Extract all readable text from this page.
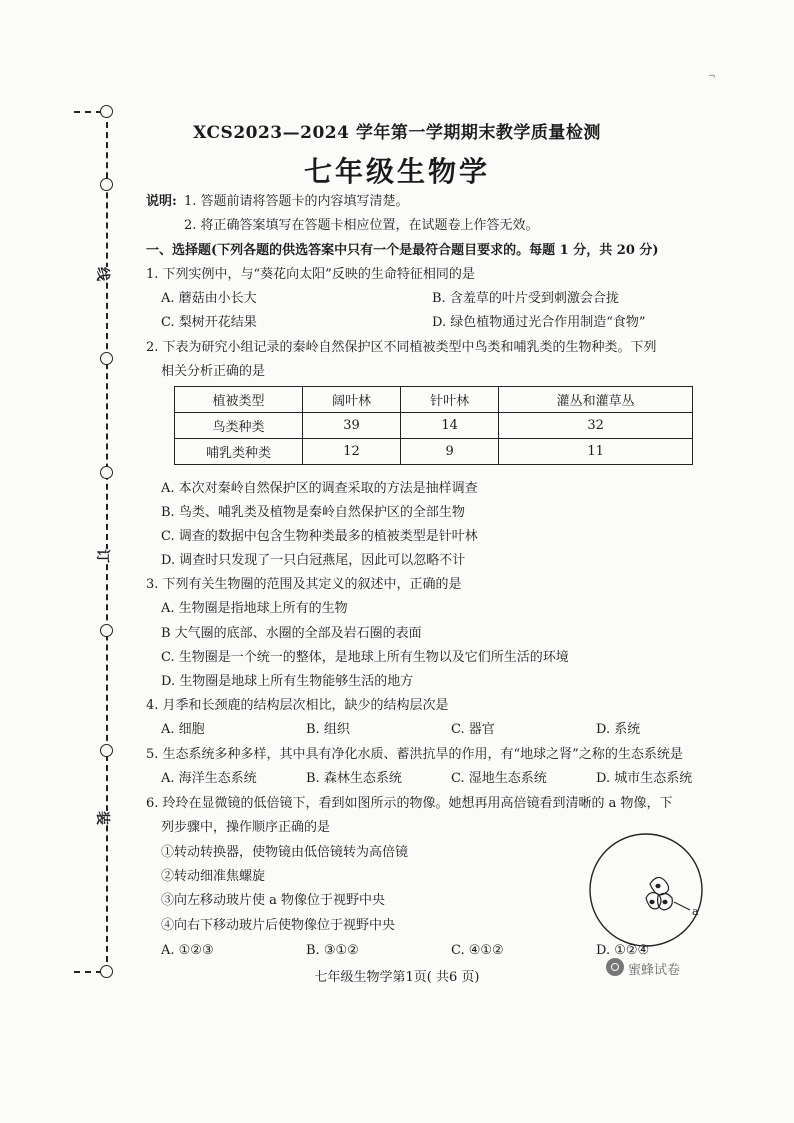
线
订
装
¬
XCS2023—2024 学年第一学期期末教学质量检测
七年级生物学
说明: 1. 答题前请将答题卡的内容填写清楚。
2. 将正确答案填写在答题卡相应位置，在试题卷上作答无效。
一、选择题(下列各题的供选答案中只有一个是最符合题目要求的。每题 1 分，共 20 分)
1. 下列实例中，与“葵花向太阳”反映的生命特征相同的是
A. 蘑菇由小长大	B. 含羞草的叶片受到刺激会合拢
C. 梨树开花结果	D. 绿色植物通过光合作用制造“食物”
2. 下表为研究小组记录的秦岭自然保护区不同植被类型中鸟类和哺乳类的生物种类。下列
相关分析正确的是
植被类型	阔叶林	针叶林	灌丛和灌草丛
鸟类种类	39	14	32
哺乳类种类	12	9	11
A. 本次对秦岭自然保护区的调查采取的方法是抽样调查
B. 鸟类、哺乳类及植物是秦岭自然保护区的全部生物
C. 调查的数据中包含生物种类最多的植被类型是针叶林
D. 调查时只发现了一只白冠燕尾，因此可以忽略不计
3. 下列有关生物圈的范围及其定义的叙述中，正确的是
A. 生物圈是指地球上所有的生物
B 大气圈的底部、水圈的全部及岩石圈的表面
C. 生物圈是一个统一的整体，是地球上所有生物以及它们所生活的环境
D. 生物圈是地球上所有生物能够生活的地方
4. 月季和长颈鹿的结构层次相比，缺少的结构层次是
A. 细胞	B. 组织	C. 器官	D. 系统
5. 生态系统多种多样，其中具有净化水质、蓄洪抗旱的作用，有“地球之肾”之称的生态系统是
A. 海洋生态系统	B. 森林生态系统	C. 湿地生态系统	D. 城市生态系统
6. 玲玲在显微镜的低倍镜下，看到如图所示的物像。她想再用高倍镜看到清晰的 a 物像，下
列步骤中，操作顺序正确的是
①转动转换器，使物镜由低倍镜转为高倍镜
②转动细准焦螺旋
③向左移动玻片使 a 物像位于视野中央
④向右下移动玻片后使物像位于视野中央
A. ①②③	B. ③①②	C. ④①②	D. ①②④
a
七年级生物学第1页( 共6 页)	蜜蜂试卷
